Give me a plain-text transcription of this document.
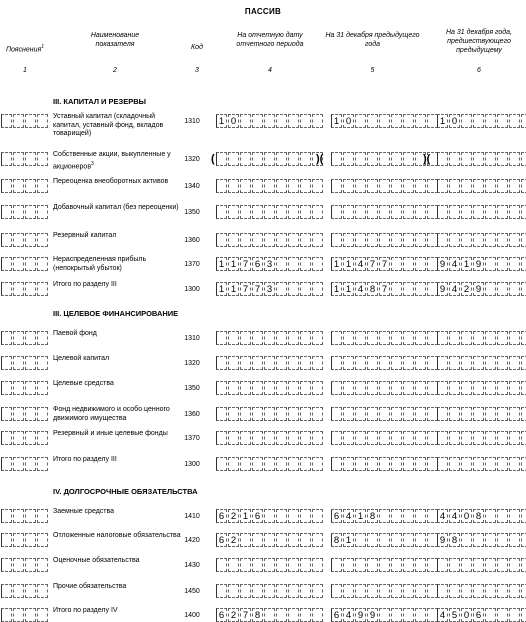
ПАССИВ
Пояснения$^1$
Наименование показателя	Код
На отчетную дату отчетного периода
На 31 декабря предыдущего года
На 31 декабря года, предшествующего предыдущему
1	2	3	4	5	6
III. КАПИТАЛ И РЕЗЕРВЫ
Уставный капитал (складочный капитал, уставный фонд, вкладов товарищей)
1310	1 0	1 0	1 0
Собственные акции, выкупленные у акционеров$^3$
1320	(	)(	)(
Переоценка внеоборотных активов
1340
Добавочный капитал (без переоценки)
1350
Резервный капитал
1360
Нераспределенная прибыль (непокрытый убыток)
1370	1 1 7 6 3	1 1 4 7 7	9 4 1 9
Итого по разделу III
1300	1 1 7 7 3	1 1 4 8 7	9 4 2 9
III. ЦЕЛЕВОЕ ФИНАНСИРОВАНИЕ
Паевой фонд
1310
Целевой капитал
1320
Целевые средства
1350
Фонд недвижимого и особо ценного движимого имущества
1360
Резервный и иные целевые фонды
1370
Итого по разделу III
1300
IV. ДОЛГОСРОЧНЫЕ ОБЯЗАТЕЛЬСТВА
Заемные средства
1410	6 2 1 6	6 4 1 8	4 4 0 8
Отложенные налоговые обязательства
1420	6 2	8 1	9 8
Оценочные обязательства
1430
Прочие обязательства
1450
Итого по разделу IV
1400	6 2 7 8	6 4 9 9	4 5 0 6
